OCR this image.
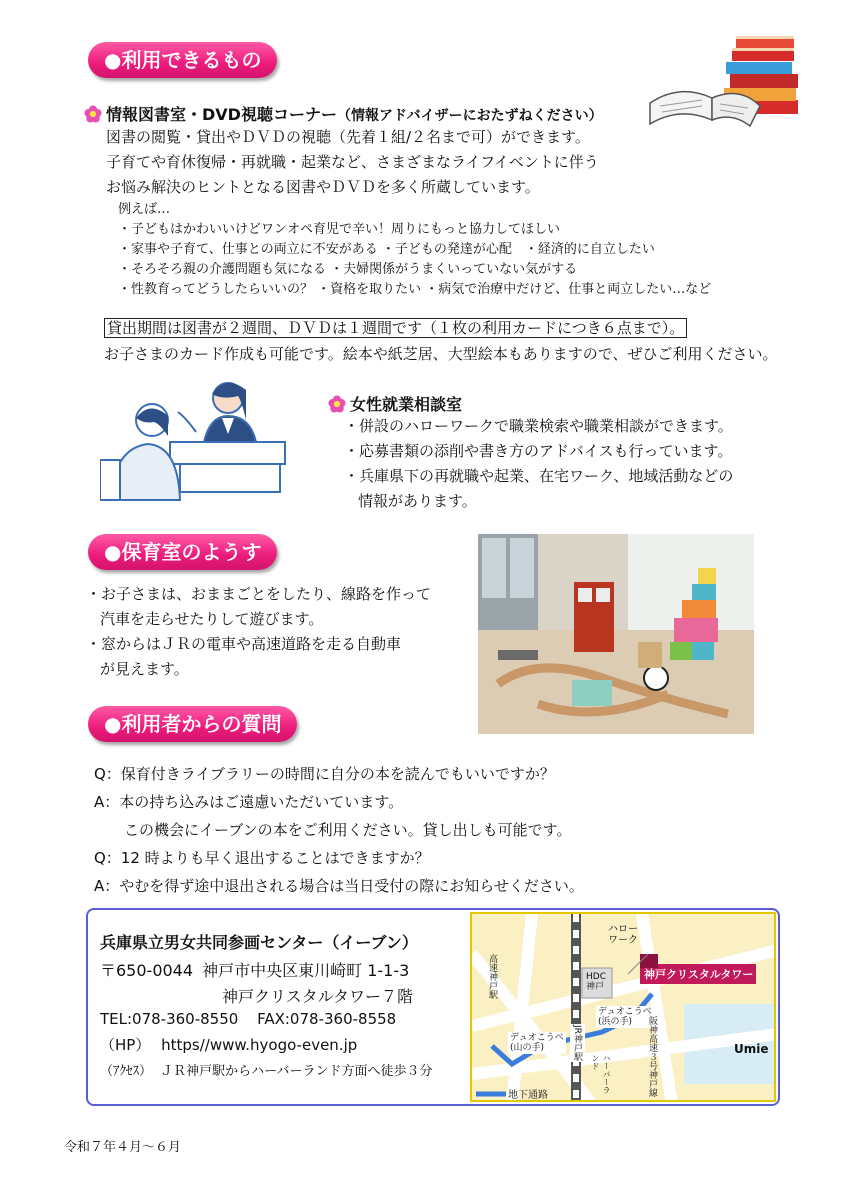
●利用できるもの
情報図書室・DVD視聴コーナー（情報アドバイザーにおたずねください）
図書の閲覧・貸出やＤＶＤの視聴（先着１組/２名まで可）ができます。
子育てや育休復帰・再就職・起業など、さまざまなライフイベントに伴う
お悩み解決のヒントとなる図書やＤＶＤを多く所蔵しています。
例えば…
・子どもはかわいいけどワンオペ育児で辛い！周りにもっと協力してほしい
・家事や子育て、仕事との両立に不安がある ・子どもの発達が心配　・経済的に自立したい
・そろそろ親の介護問題も気になる ・夫婦関係がうまくいっていない気がする
・性教育ってどうしたらいいの？ ・資格を取りたい ・病気で治療中だけど、仕事と両立したい…など
貸出期間は図書が２週間、ＤＶＤは１週間です（１枚の利用カードにつき６点まで）。
お子さまのカード作成も可能です。絵本や紙芝居、大型絵本もありますので、ぜひご利用ください。
女性就業相談室
・併設のハローワークで職業検索や職業相談ができます。
・応募書類の添削や書き方のアドバイスも行っています。
・兵庫県下の再就職や起業、在宅ワーク、地域活動などの
情報があります。
●保育室のようす
・お子さまは、おままごとをしたり、線路を作って
汽車を走らせたりして遊びます。
・窓からはＪＲの電車や高速道路を走る自動車
が見えます。
●利用者からの質問
Q：保育付きライブラリーの時間に自分の本を読んでもいいですか？
A：本の持ち込みはご遠慮いただいています。
この機会にイーブンの本をご利用ください。貸し出しも可能です。
Q：12 時よりも早く退出することはできますか？
A：やむを得ず途中退出される場合は当日受付の際にお知らせください。
兵庫県立男女共同参画センター（イーブン）
〒650-0044 神戸市中央区東川崎町 1-1-3
神戸クリスタルタワー７階
TEL:078-360-8550 FAX:078-360-8558
（HP） https//www.hyogo-even.jp
（ｱｸｾｽ） ＪＲ神戸駅からハーバーランド方面へ徒歩３分
ハロー
ワーク
神戸クリスタルタワー
HDC
神戸
デュオこうべ
(浜の手)
デュオこうべ
(山の手)	Umie
JR神戸駅	阪神高速３号神戸線
高速神戸駅
地下通路
ハーバーランド
令和７年４月～６月
